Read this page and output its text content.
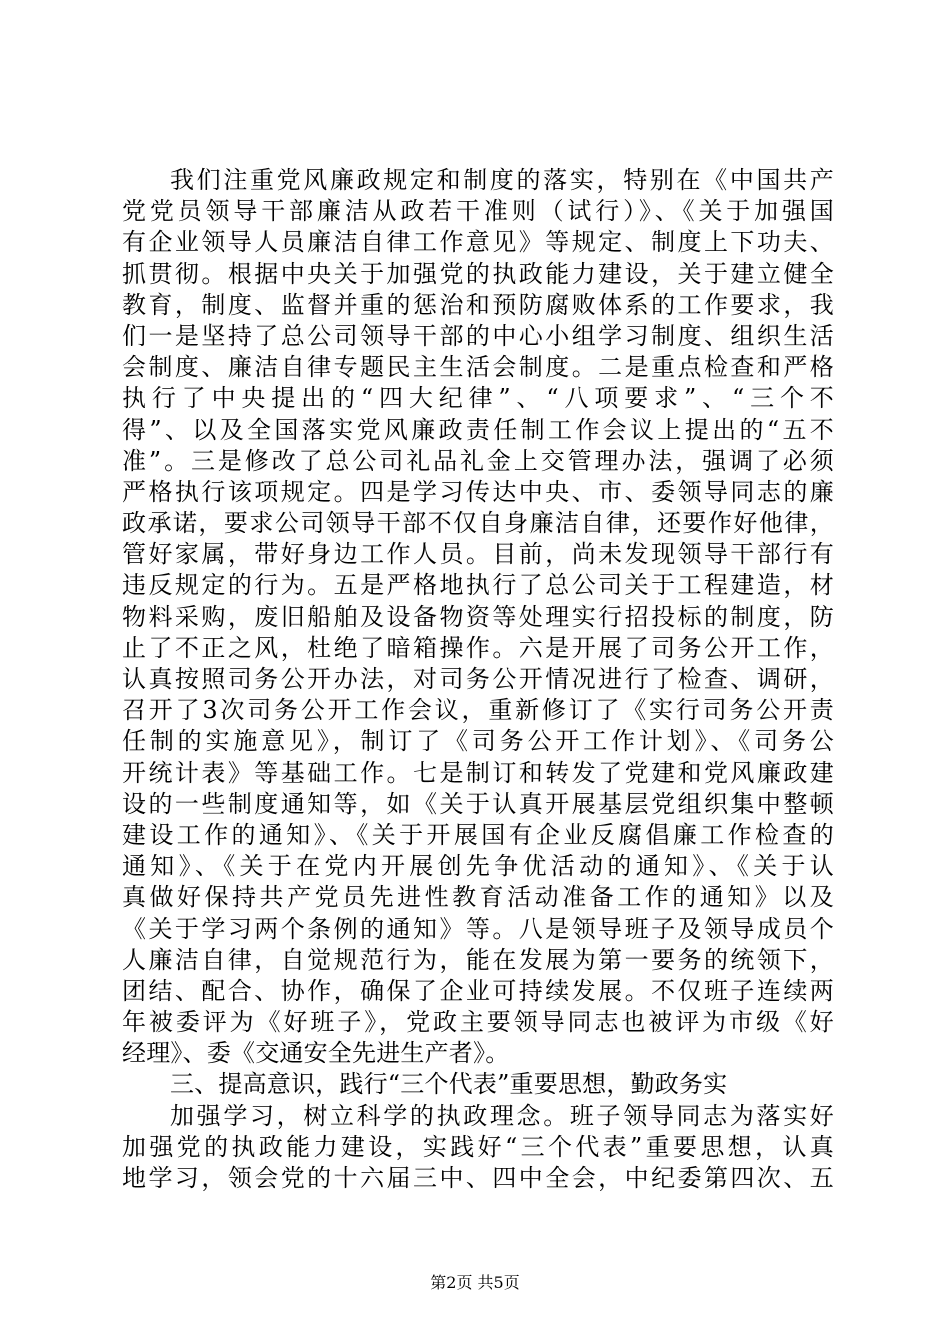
我们注重党风廉政规定和制度的落实，特别在《中国共产
党党员领导干部廉洁从政若干准则（试行）》、《关于加强国
有企业领导人员廉洁自律工作意见》等规定、制度上下功夫、
抓贯彻。根据中央关于加强党的执政能力建设，关于建立健全
教育，制度、监督并重的惩治和预防腐败体系的工作要求，我
们一是坚持了总公司领导干部的中心小组学习制度、组织生活
会制度、廉洁自律专题民主生活会制度。二是重点检查和严格
执行了中央提出的“四大纪律”、“八项要求”、“三个不
得”、以及全国落实党风廉政责任制工作会议上提出的“五不
准”。三是修改了总公司礼品礼金上交管理办法，强调了必须
严格执行该项规定。四是学习传达中央、市、委领导同志的廉
政承诺，要求公司领导干部不仅自身廉洁自律，还要作好他律，
管好家属，带好身边工作人员。目前，尚未发现领导干部行有
违反规定的行为。五是严格地执行了总公司关于工程建造，材
物料采购，废旧船舶及设备物资等处理实行招投标的制度，防
止了不正之风，杜绝了暗箱操作。六是开展了司务公开工作，
认真按照司务公开办法，对司务公开情况进行了检查、调研，
召开了3次司务公开工作会议，重新修订了《实行司务公开责
任制的实施意见》，制订了《司务公开工作计划》、《司务公
开统计表》等基础工作。七是制订和转发了党建和党风廉政建
设的一些制度通知等，如《关于认真开展基层党组织集中整顿
建设工作的通知》、《关于开展国有企业反腐倡廉工作检查的
通知》、《关于在党内开展创先争优活动的通知》、《关于认
真做好保持共产党员先进性教育活动准备工作的通知》以及
《关于学习两个条例的通知》等。八是领导班子及领导成员个
人廉洁自律，自觉规范行为，能在发展为第一要务的统领下，
团结、配合、协作，确保了企业可持续发展。不仅班子连续两
年被委评为《好班子》，党政主要领导同志也被评为市级《好
经理》、委《交通安全先进生产者》。
三、提高意识，践行“三个代表”重要思想，勤政务实
加强学习，树立科学的执政理念。班子领导同志为落实好
加强党的执政能力建设，实践好“三个代表”重要思想，认真
地学习，领会党的十六届三中、四中全会，中纪委第四次、五
第2页 共5页
